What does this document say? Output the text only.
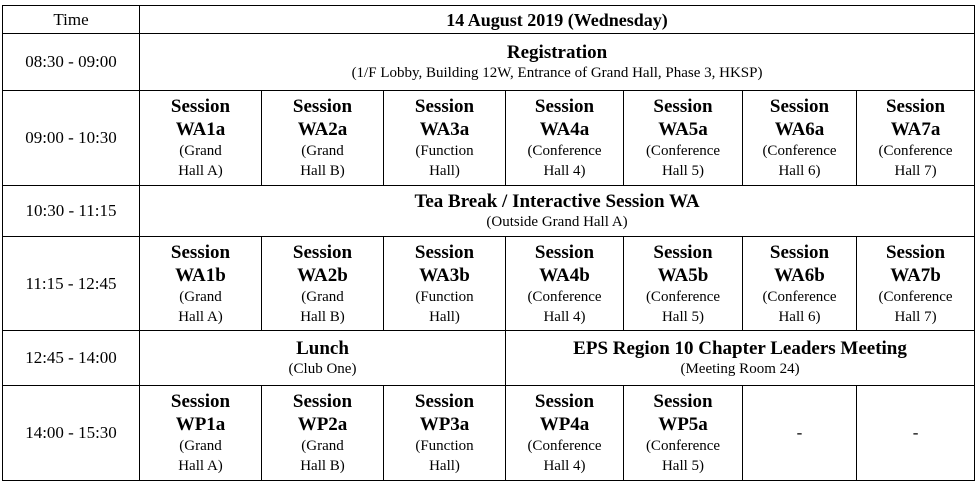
Time	14 August 2019 (Wednesday)						
08:30 - 09:00	Registration
(1/F Lobby, Building 12W, Entrance of Grand Hall, Phase 3, HKSP)						

09:00 - 10:30	Session
WA1a
(Grand
Hall A)	Session
WA2a
(Grand
Hall B)	Session
WA3a
(Function
Hall)	Session
WA4a
(Conference
Hall 4)	Session
WA5a
(Conference
Hall 5)	Session
WA6a
(Conference
Hall 6)	Session
WA7a
(Conference
Hall 7)

10:30 - 11:15	Tea Break / Interactive Session WA
(Outside Grand Hall A)						

11:15 - 12:45	Session
WA1b
(Grand
Hall A)	Session
WA2b
(Grand
Hall B)	Session
WA3b
(Function
Hall)	Session
WA4b
(Conference
Hall 4)	Session
WA5b
(Conference
Hall 5)	Session
WA6b
(Conference
Hall 6)	Session
WA7b
(Conference
Hall 7)

12:45 - 14:00	Lunch
(Club One)			EPS Region 10 Chapter Leaders Meeting
(Meeting Room 24)			

14:00 - 15:30	Session
WP1a
(Grand
Hall A)	Session
WP2a
(Grand
Hall B)	Session
WP3a
(Function
Hall)	Session
WP4a
(Conference
Hall 4)	Session
WP5a
(Conference
Hall 5)	-	-
